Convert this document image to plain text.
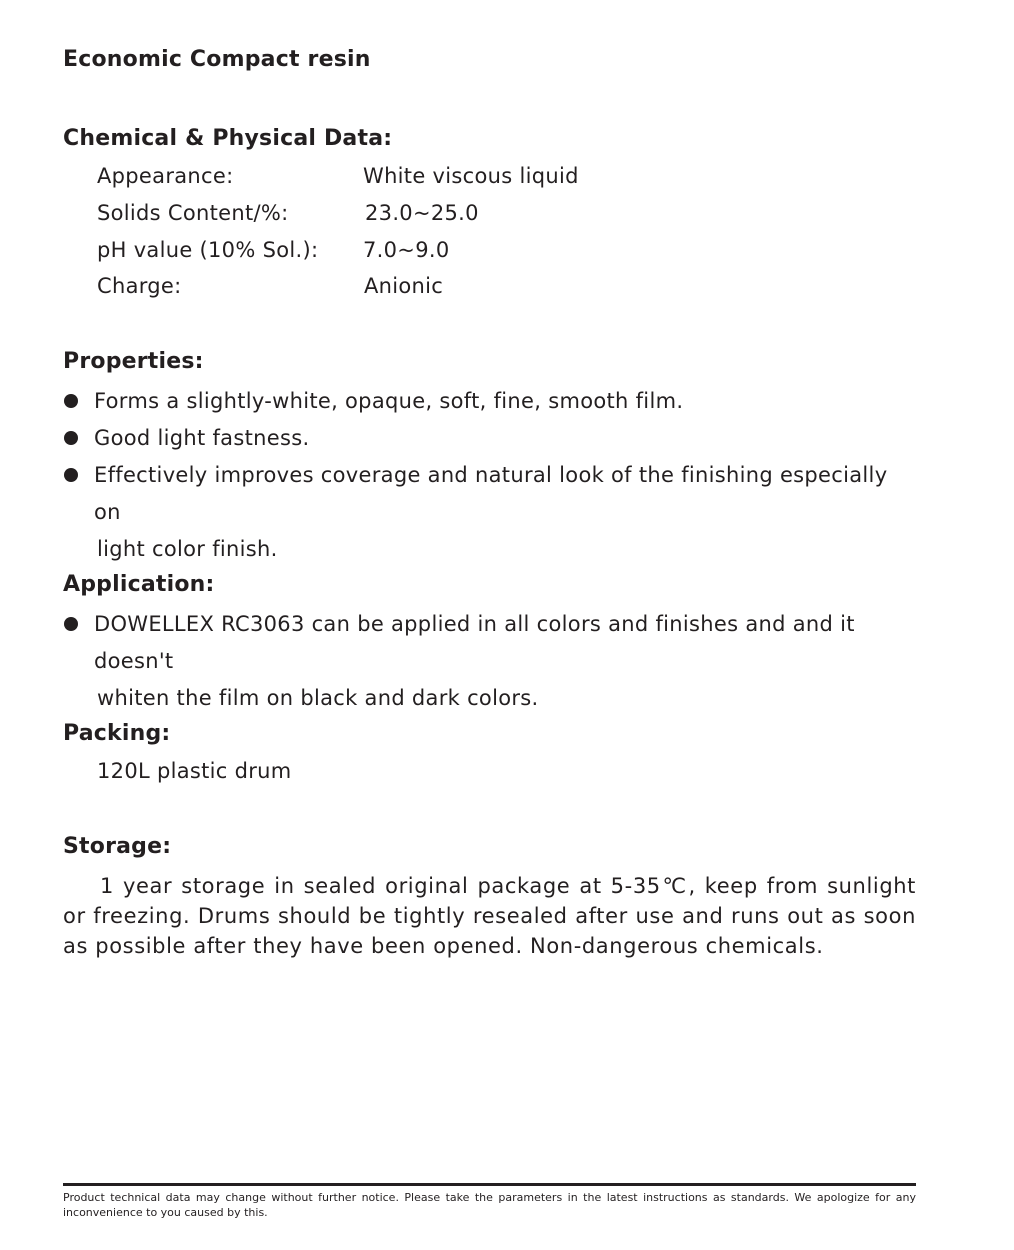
Economic Compact resin
Chemical & Physical Data:
Appearance:	White viscous liquid
Solids Content/%:	23.0~25.0
pH value (10% Sol.): 7.0~9.0
Charge:	Anionic
Properties:
Forms a slightly-white, opaque, soft, fine, smooth film.
Good light fastness.
Effectively improves coverage and natural look of the finishing especially on
light color finish.
Application:
DOWELLEX RC3063 can be applied in all colors and finishes and and it doesn't
whiten the film on black and dark colors.
Packing:
120L plastic drum
Storage:
1 year storage in sealed original package at 5-35℃, keep from sunlight or freezing. Drums should be tightly resealed after use and runs out as soon as possible after they have been opened. Non-dangerous chemicals.
Product technical data may change without further notice. Please take the parameters in the latest instructions as standards. We apologize for any inconvenience to you caused by this.
